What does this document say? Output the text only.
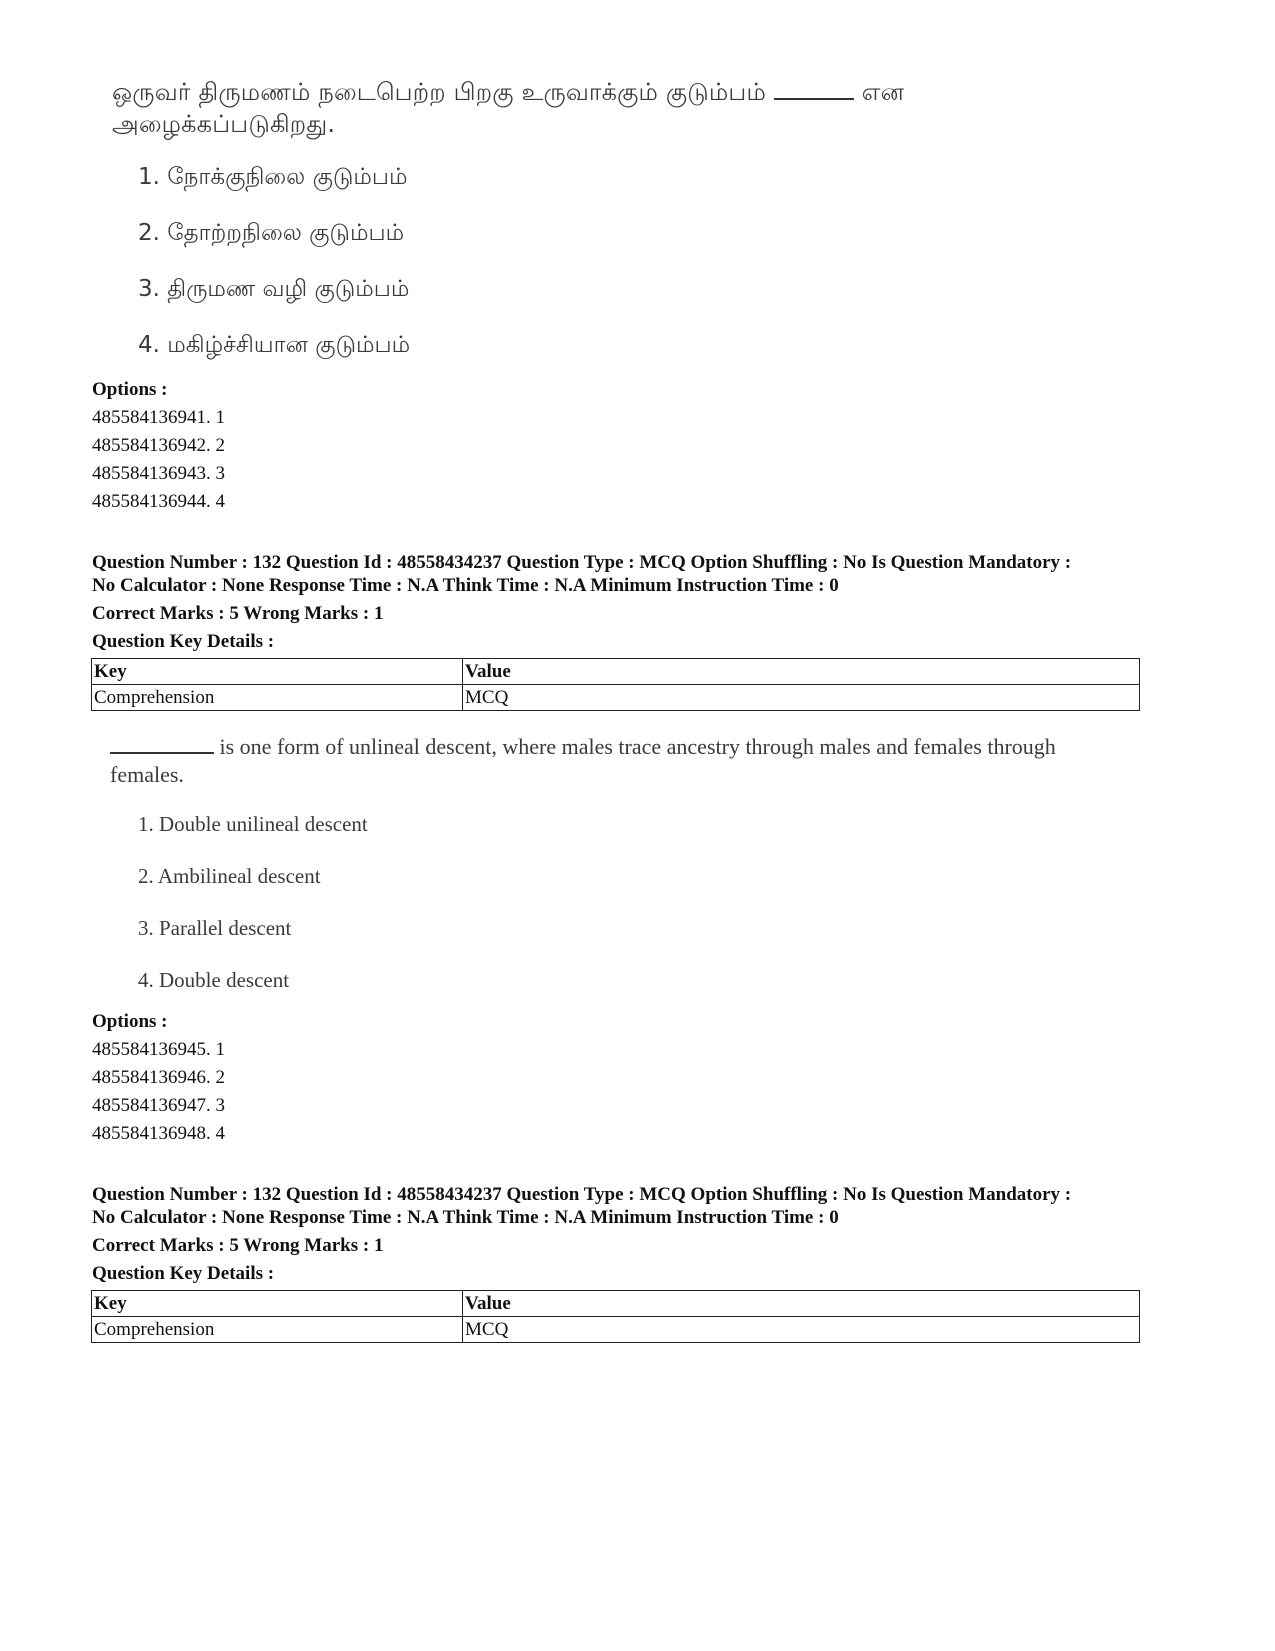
ஒருவர் திருமணம் நடைபெற்ற பிறகு உருவாக்கும் குடும்பம்	என
அழைக்கப்படுகிறது.
1. நோக்குநிலை குடும்பம்
2. தோற்றநிலை குடும்பம்
3. திருமண வழி குடும்பம்
4. மகிழ்ச்சியான குடும்பம்
Options :
485584136941. 1
485584136942. 2
485584136943. 3
485584136944. 4
Question Number : 132 Question Id : 48558434237 Question Type : MCQ Option Shuffling : No Is Question Mandatory :
No Calculator : None Response Time : N.A Think Time : N.A Minimum Instruction Time : 0
Correct Marks : 5 Wrong Marks : 1
Question Key Details :
Key	Value
Comprehension	MCQ
is one form of unlineal descent, where males trace ancestry through males and females through
females.
1. Double unilineal descent
2. Ambilineal descent
3. Parallel descent
4. Double descent
Options :
485584136945. 1
485584136946. 2
485584136947. 3
485584136948. 4
Question Number : 132 Question Id : 48558434237 Question Type : MCQ Option Shuffling : No Is Question Mandatory :
No Calculator : None Response Time : N.A Think Time : N.A Minimum Instruction Time : 0
Correct Marks : 5 Wrong Marks : 1
Question Key Details :
Key	Value
Comprehension	MCQ
